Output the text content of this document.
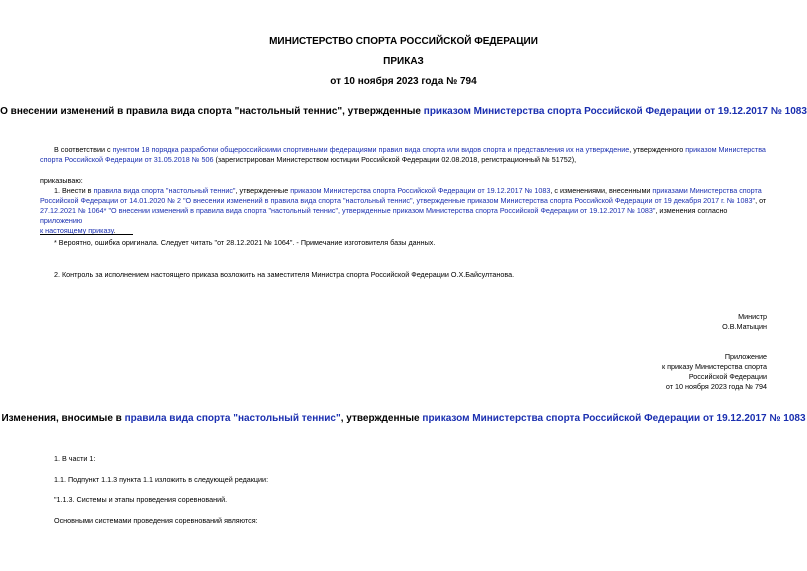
МИНИСТЕРСТВО СПОРТА РОССИЙСКОЙ ФЕДЕРАЦИИ
ПРИКАЗ
от 10 ноября 2023 года № 794
О внесении изменений в правила вида спорта "настольный теннис", утвержденные приказом Министерства спорта Российской Федерации от 19.12.2017 № 1083
В соответствии с пунктом 18 порядка разработки общероссийскими спортивными федерациями правил вида спорта или видов спорта и представления их на утверждение, утвержденного приказом Министерства
спорта Российской Федерации от 31.05.2018 № 506 (зарегистрирован Министерством юстиции Российской Федерации 02.08.2018, регистрационный № 51752),
приказываю:
1. Внести в правила вида спорта "настольный теннис", утвержденные приказом Министерства спорта Российской Федерации от 19.12.2017 № 1083, с изменениями, внесенными приказами Министерства спорта
Российской Федерации от 14.01.2020 № 2 "О внесении изменений в правила вида спорта "настольный теннис", утвержденные приказом Министерства спорта Российской Федерации от 19 декабря 2017 г. № 1083", от
27.12.2021 № 1064* "О внесении изменений в правила вида спорта "настольный теннис", утвержденные приказом Министерства спорта Российской Федерации от 19.12.2017 № 1083", изменения согласно приложению
к настоящему приказу.
* Вероятно, ошибка оригинала. Следует читать "от 28.12.2021 № 1064". - Примечание изготовителя базы данных.
2. Контроль за исполнением настоящего приказа возложить на заместителя Министра спорта Российской Федерации О.Х.Байсултанова.
Министр
О.В.Матыцин
Приложение
к приказу Министерства спорта
Российской Федерации
от 10 ноября 2023 года № 794
Изменения, вносимые в правила вида спорта "настольный теннис", утвержденные приказом Министерства спорта Российской Федерации от 19.12.2017 № 1083
1. В части 1:
1.1. Подпункт 1.1.3 пункта 1.1 изложить в следующей редакции:
"1.1.3. Системы и этапы проведения соревнований.
Основными системами проведения соревнований являются:
